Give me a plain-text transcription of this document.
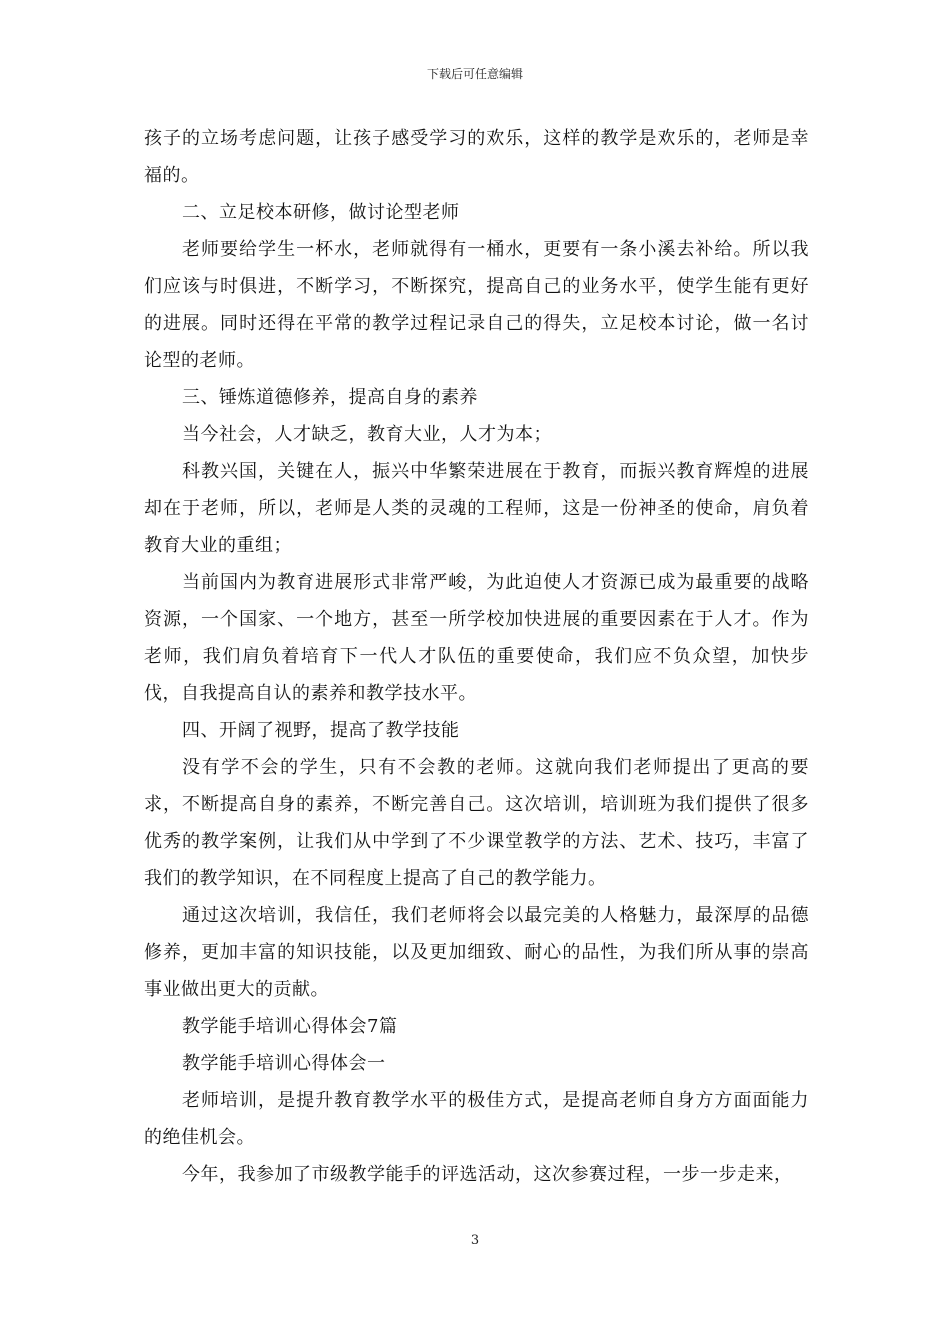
下载后可任意编辑

孩子的立场考虑问题，让孩子感受学习的欢乐，这样的教学是欢乐的，老师是幸福的。

二、立足校本研修，做讨论型老师

老师要给学生一杯水，老师就得有一桶水，更要有一条小溪去补给。所以我们应该与时俱进，不断学习，不断探究，提高自己的业务水平，使学生能有更好的进展。同时还得在平常的教学过程记录自己的得失，立足校本讨论，做一名讨论型的老师。

三、锤炼道德修养，提高自身的素养

当今社会，人才缺乏，教育大业，人才为本；

科教兴国，关键在人，振兴中华繁荣进展在于教育，而振兴教育辉煌的进展却在于老师，所以，老师是人类的灵魂的工程师，这是一份神圣的使命，肩负着教育大业的重组；

当前国内为教育进展形式非常严峻，为此迫使人才资源已成为最重要的战略资源，一个国家、一个地方，甚至一所学校加快进展的重要因素在于人才。作为老师，我们肩负着培育下一代人才队伍的重要使命，我们应不负众望，加快步伐，自我提高自认的素养和教学技水平。

四、开阔了视野，提高了教学技能

没有学不会的学生，只有不会教的老师。这就向我们老师提出了更高的要求，不断提高自身的素养，不断完善自己。这次培训，培训班为我们提供了很多优秀的教学案例，让我们从中学到了不少课堂教学的方法、艺术、技巧，丰富了我们的教学知识，在不同程度上提高了自己的教学能力。

通过这次培训，我信任，我们老师将会以最完美的人格魅力，最深厚的品德修养，更加丰富的知识技能，以及更加细致、耐心的品性，为我们所从事的崇高事业做出更大的贡献。

教学能手培训心得体会7篇

教学能手培训心得体会一

老师培训，是提升教育教学水平的极佳方式，是提高老师自身方方面面能力的绝佳机会。

今年，我参加了市级教学能手的评选活动，这次参赛过程，一步一步走来，

3
